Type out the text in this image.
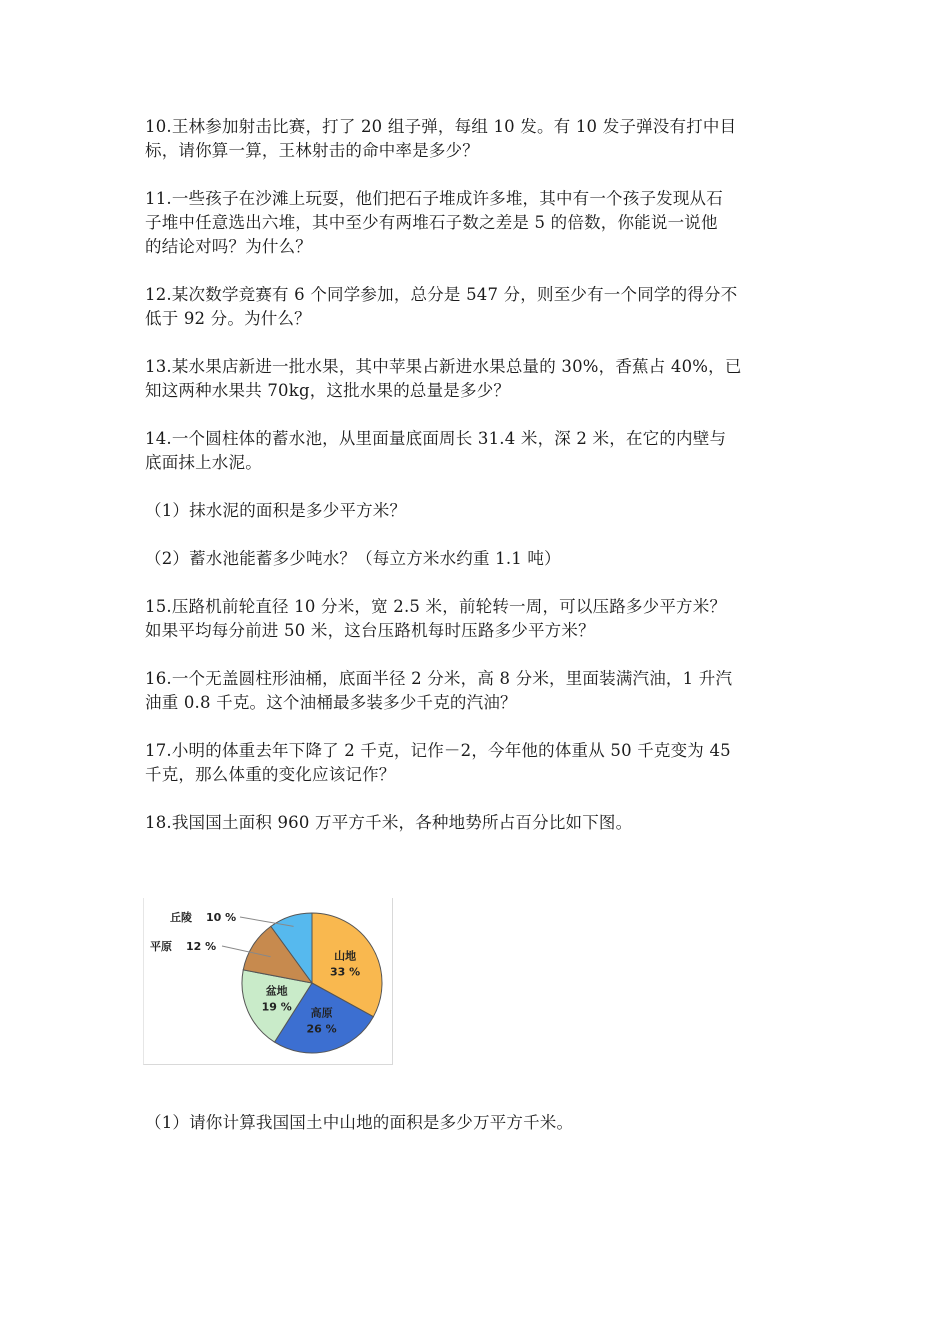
10.王林参加射击比赛，打了 20 组子弹，每组 10 发。有 10 发子弹没有打中目
标，请你算一算，王林射击的命中率是多少？

11.一些孩子在沙滩上玩耍，他们把石子堆成许多堆，其中有一个孩子发现从石
子堆中任意选出六堆，其中至少有两堆石子数之差是 5 的倍数，你能说一说他
的结论对吗？为什么？

12.某次数学竞赛有 6 个同学参加，总分是 547 分，则至少有一个同学的得分不
低于 92 分。为什么？

13.某水果店新进一批水果，其中苹果占新进水果总量的 30%，香蕉占 40%，已
知这两种水果共 70kg，这批水果的总量是多少？

14.一个圆柱体的蓄水池，从里面量底面周长 31.4 米，深 2 米，在它的内壁与
底面抹上水泥。

（1）抹水泥的面积是多少平方米？

（2）蓄水池能蓄多少吨水？（每立方米水约重 1.1 吨）

15.压路机前轮直径 10 分米，宽 2.5 米，前轮转一周，可以压路多少平方米？
如果平均每分前进 50 米，这台压路机每时压路多少平方米？

16.一个无盖圆柱形油桶，底面半径 2 分米，高 8 分米，里面装满汽油，1 升汽
油重 0.8 千克。这个油桶最多装多少千克的汽油？

17.小明的体重去年下降了 2 千克，记作－2，今年他的体重从 50 千克变为 45
千克，那么体重的变化应该记作？

18.我国国土面积 960 万平方千米，各种地势所占百分比如下图。

山地
33 %
高原
26 %
盆地
19 %
丘陵 10 %
平原 12 %

（1）请你计算我国国土中山地的面积是多少万平方千米。
